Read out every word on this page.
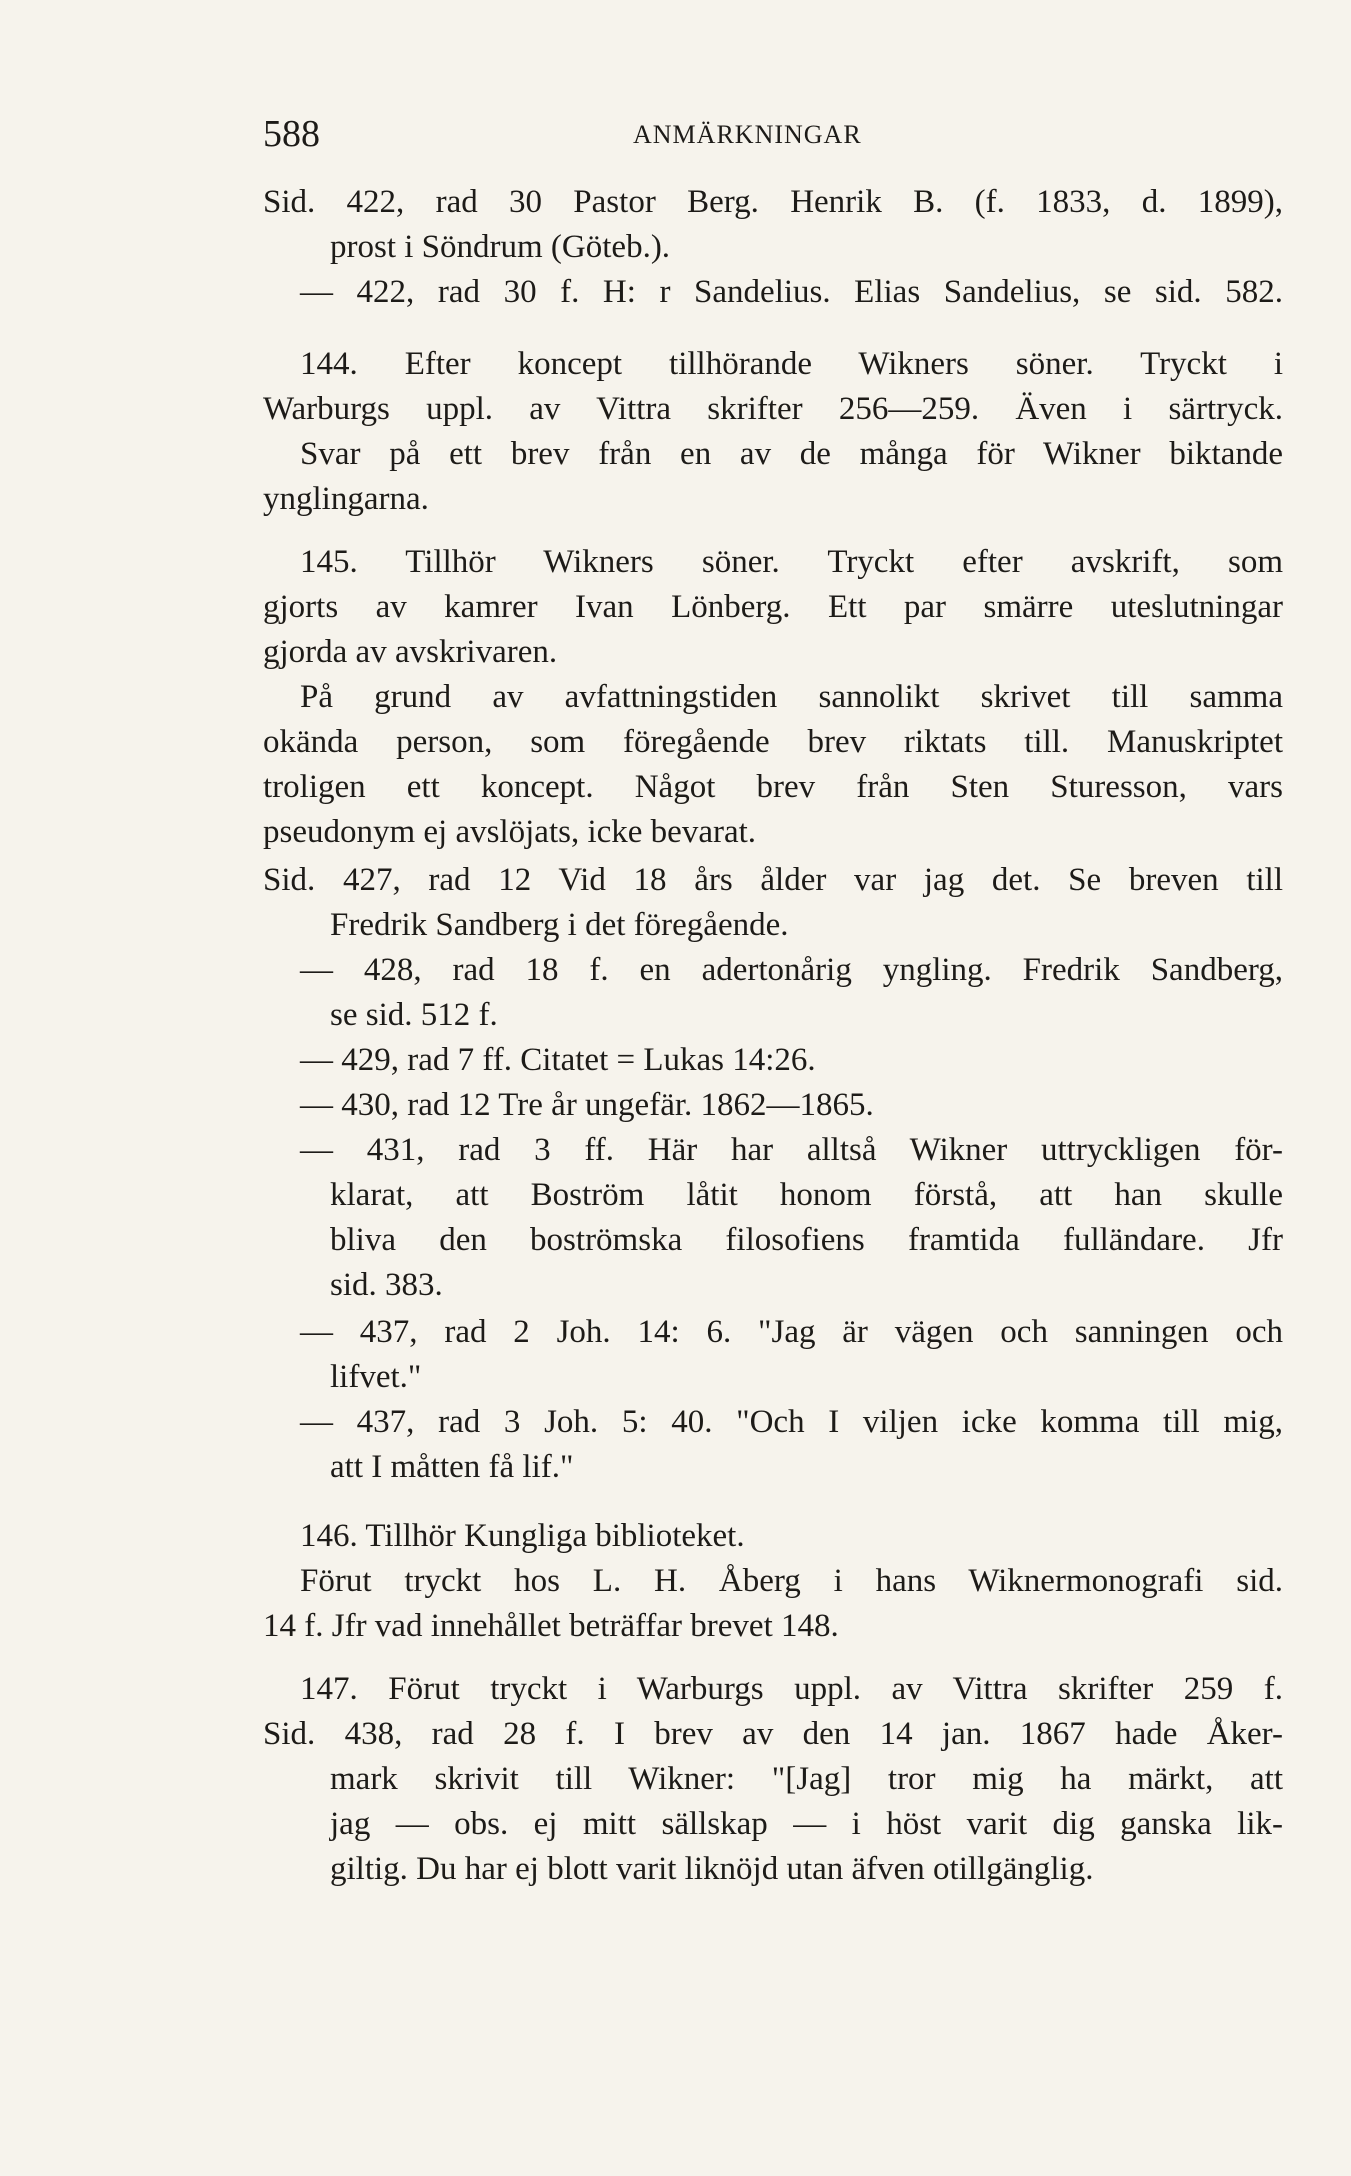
588	ANMÄRKNINGAR
Sid. 422, rad 30 Pastor Berg. Henrik B. (f. 1833, d. 1899),
prost i Söndrum (Göteb.).
— 422, rad 30 f. H: r Sandelius. Elias Sandelius, se sid. 582.
144. Efter koncept tillhörande Wikners söner. Tryckt i
Warburgs uppl. av Vittra skrifter 256—259. Även i särtryck.
Svar på ett brev från en av de många för Wikner biktande
ynglingarna.
145. Tillhör Wikners söner. Tryckt efter avskrift, som
gjorts av kamrer Ivan Lönberg. Ett par smärre uteslutningar
gjorda av avskrivaren.
På grund av avfattningstiden sannolikt skrivet till samma
okända person, som föregående brev riktats till. Manuskriptet
troligen ett koncept. Något brev från Sten Sturesson, vars
pseudonym ej avslöjats, icke bevarat.
Sid. 427, rad 12 Vid 18 års ålder var jag det. Se breven till
Fredrik Sandberg i det föregående.
— 428, rad 18 f. en adertonårig yngling. Fredrik Sandberg,
se sid. 512 f.
— 429, rad 7 ff. Citatet = Lukas 14:26.
— 430, rad 12 Tre år ungefär. 1862—1865.
— 431, rad 3 ff. Här har alltså Wikner uttryckligen för-
klarat, att Boström låtit honom förstå, att han skulle
bliva den boströmska filosofiens framtida fulländare. Jfr
sid. 383.
— 437, rad 2 Joh. 14: 6. "Jag är vägen och sanningen och
lifvet."
— 437, rad 3 Joh. 5: 40. "Och I viljen icke komma till mig,
att I måtten få lif."
146. Tillhör Kungliga biblioteket.
Förut tryckt hos L. H. Åberg i hans Wiknermonografi sid.
14 f. Jfr vad innehållet beträffar brevet 148.
147. Förut tryckt i Warburgs uppl. av Vittra skrifter 259 f.
Sid. 438, rad 28 f. I brev av den 14 jan. 1867 hade Åker-
mark skrivit till Wikner: "[Jag] tror mig ha märkt, att
jag — obs. ej mitt sällskap — i höst varit dig ganska lik-
giltig. Du har ej blott varit liknöjd utan äfven otillgänglig.
